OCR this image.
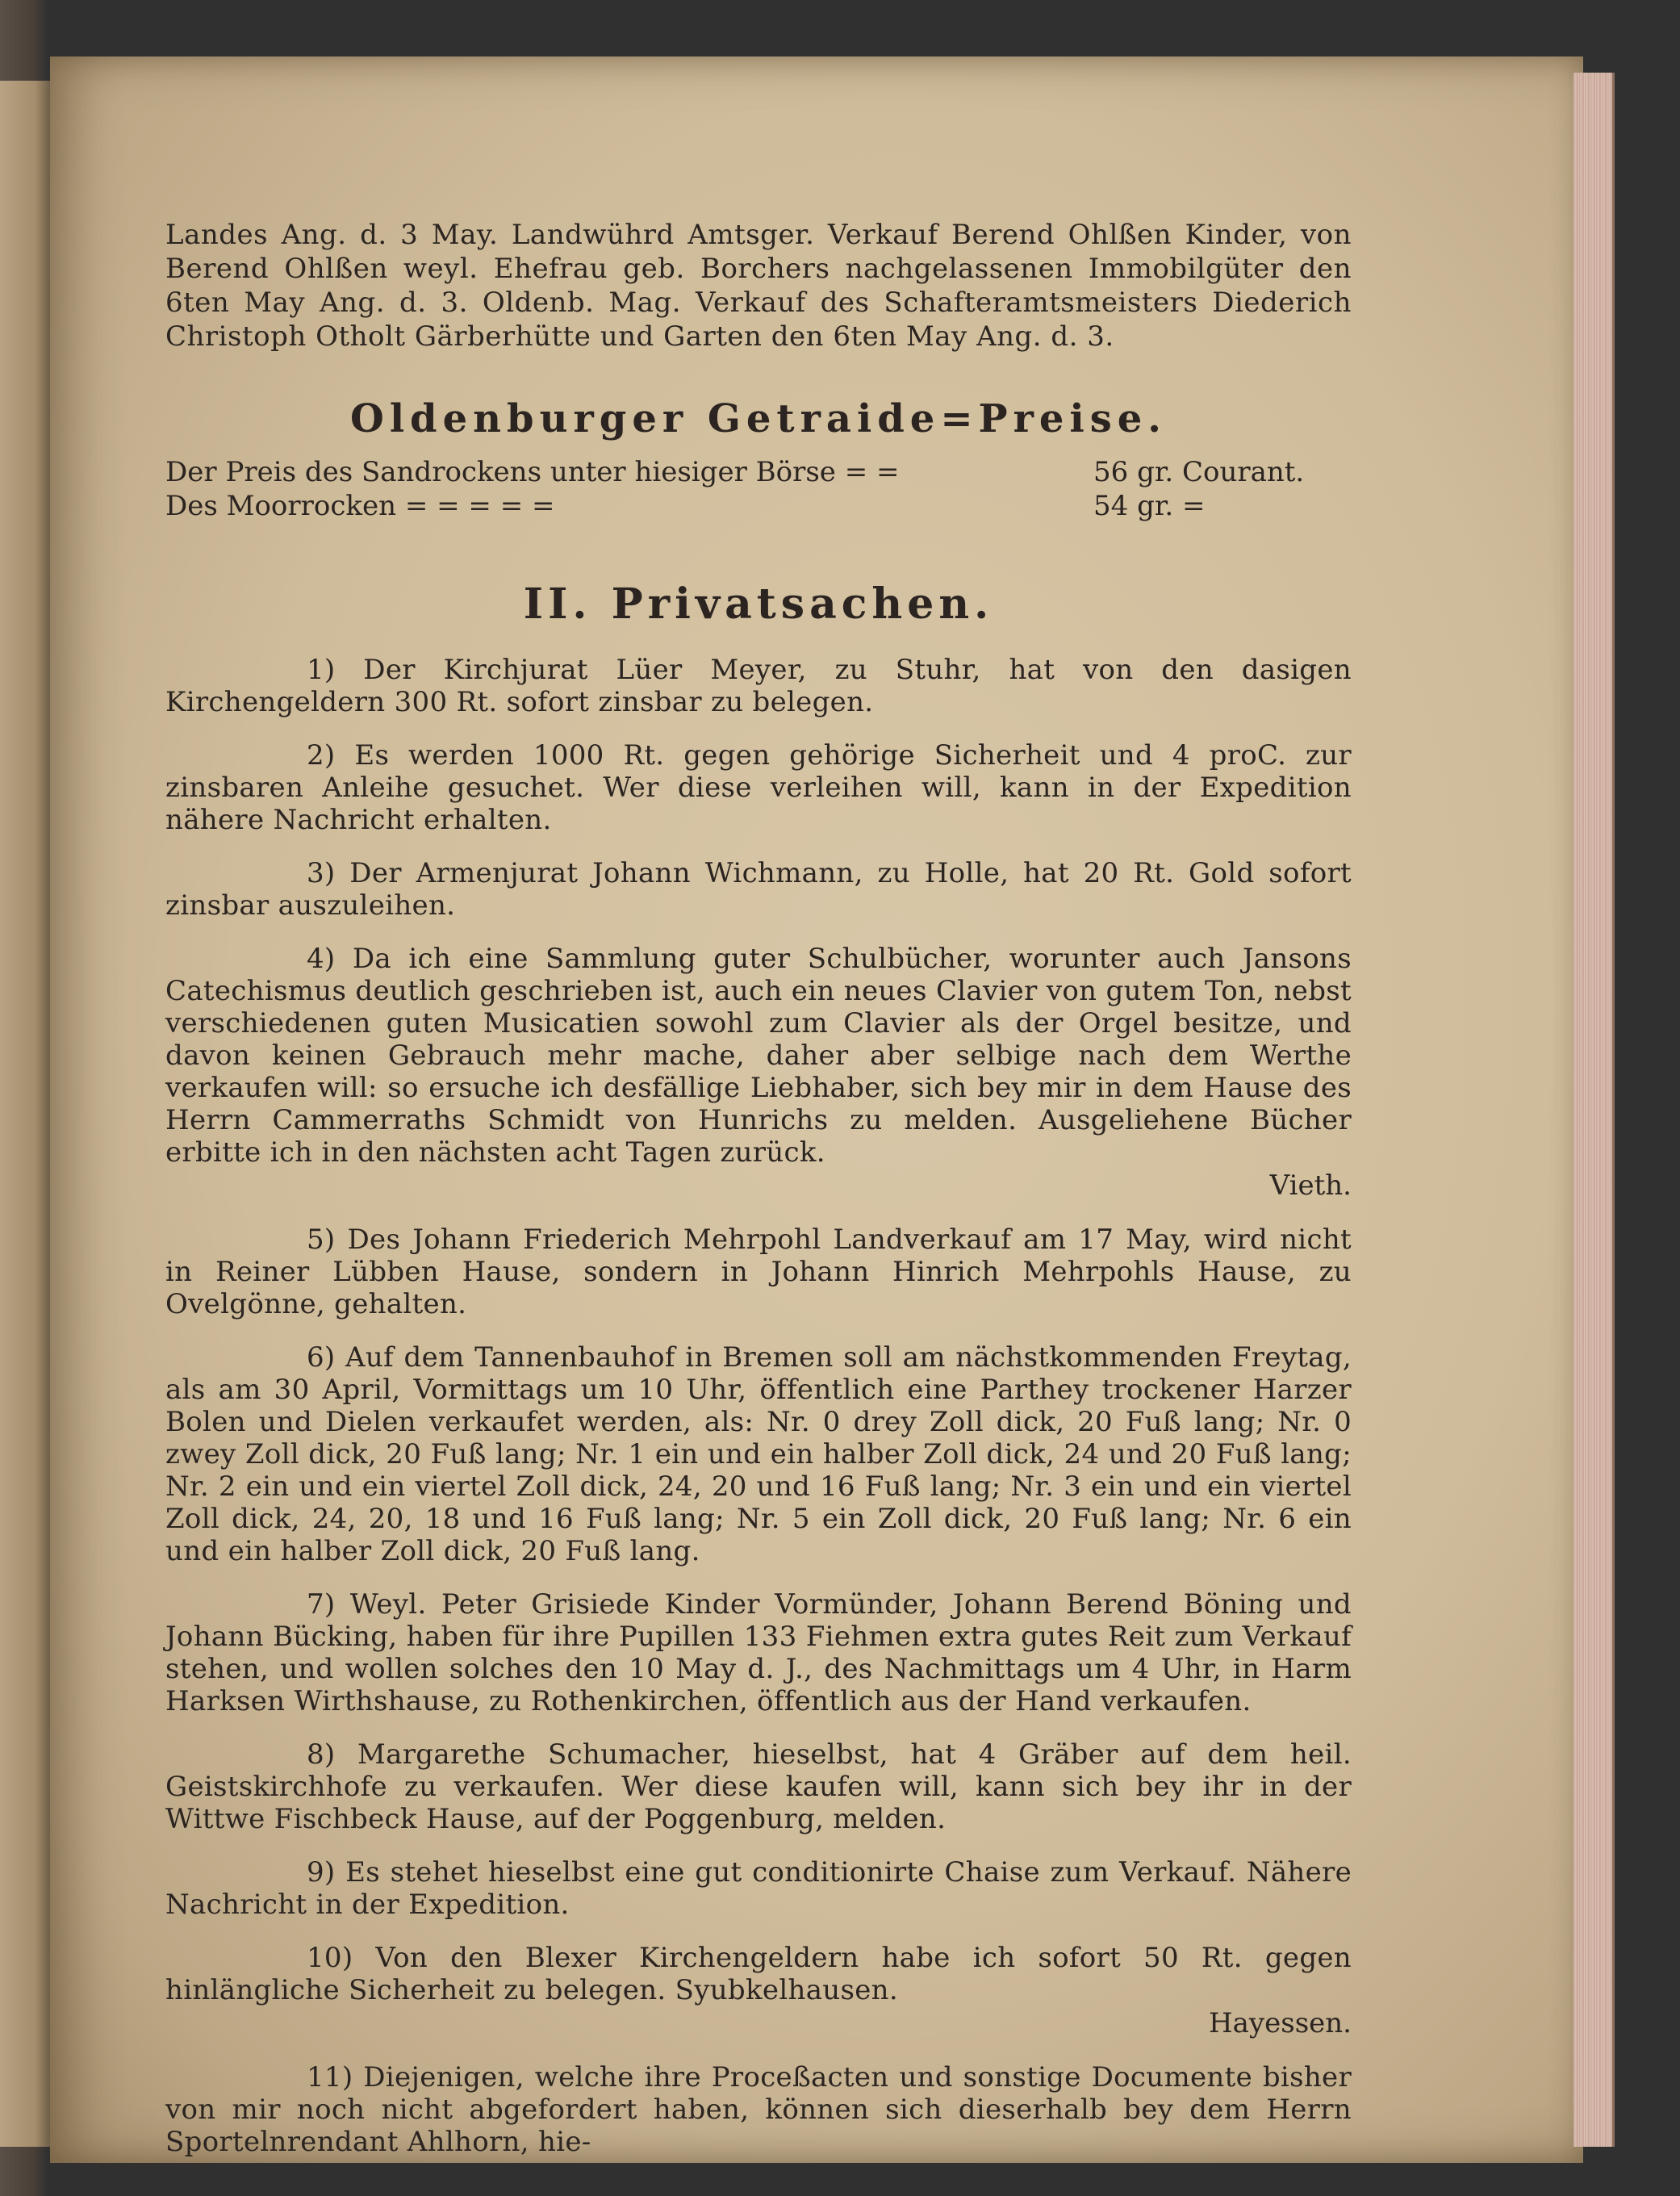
Landes Ang. d. 3 May. Landwührd Amtsger. Verkauf Berend Ohlßen Kinder, von Berend Ohlßen weyl. Ehefrau geb. Borchers nachgelassenen Immobilgüter den 6ten May Ang. d. 3. Oldenb. Mag. Verkauf des Schafteramtsmeisters Diederich Christoph Otholt Gärberhütte und Garten den 6ten May Ang. d. 3.

Oldenburger Getraide=Preise.
Der Preis des Sandrockens unter hiesiger Börse = =	56 gr. Courant.
Des Moorrocken = = = = =	54 gr. =
II. Privatsachen.

1) Der Kirchjurat Lüer Meyer, zu Stuhr, hat von den dasigen Kirchengeldern 300 Rt. sofort zinsbar zu belegen.

2) Es werden 1000 Rt. gegen gehörige Sicherheit und 4 proC. zur zinsbaren Anleihe gesuchet. Wer diese verleihen will, kann in der Expedition nähere Nachricht erhalten.

3) Der Armenjurat Johann Wichmann, zu Holle, hat 20 Rt. Gold sofort zinsbar auszuleihen.

4) Da ich eine Sammlung guter Schulbücher, worunter auch Jansons Catechismus deutlich geschrieben ist, auch ein neues Clavier von gutem Ton, nebst verschiedenen guten Musicatien sowohl zum Clavier als der Orgel besitze, und davon keinen Gebrauch mehr mache, daher aber selbige nach dem Werthe verkaufen will: so ersuche ich desfällige Liebhaber, sich bey mir in dem Hause des Herrn Cammerraths Schmidt von Hunrichs zu melden. Ausgeliehene Bücher erbitte ich in den nächsten acht Tagen zurück.

Vieth.

5) Des Johann Friederich Mehrpohl Landverkauf am 17 May, wird nicht in Reiner Lübben Hause, sondern in Johann Hinrich Mehrpohls Hause, zu Ovelgönne, gehalten.

6) Auf dem Tannenbauhof in Bremen soll am nächstkommenden Freytag, als am 30 April, Vormittags um 10 Uhr, öffentlich eine Parthey trockener Harzer Bolen und Dielen verkaufet werden, als: Nr. 0 drey Zoll dick, 20 Fuß lang; Nr. 0 zwey Zoll dick, 20 Fuß lang; Nr. 1 ein und ein halber Zoll dick, 24 und 20 Fuß lang; Nr. 2 ein und ein viertel Zoll dick, 24, 20 und 16 Fuß lang; Nr. 3 ein und ein viertel Zoll dick, 24, 20, 18 und 16 Fuß lang; Nr. 5 ein Zoll dick, 20 Fuß lang; Nr. 6 ein und ein halber Zoll dick, 20 Fuß lang.

7) Weyl. Peter Grisiede Kinder Vormünder, Johann Berend Böning und Johann Bücking, haben für ihre Pupillen 133 Fiehmen extra gutes Reit zum Verkauf stehen, und wollen solches den 10 May d. J., des Nachmittags um 4 Uhr, in Harm Harksen Wirthshause, zu Rothenkirchen, öffentlich aus der Hand verkaufen.

8) Margarethe Schumacher, hieselbst, hat 4 Gräber auf dem heil. Geistskirchhofe zu verkaufen. Wer diese kaufen will, kann sich bey ihr in der Wittwe Fischbeck Hause, auf der Poggenburg, melden.

9) Es stehet hieselbst eine gut conditionirte Chaise zum Verkauf. Nähere Nachricht in der Expedition.

10) Von den Blexer Kirchengeldern habe ich sofort 50 Rt. gegen hinlängliche Sicherheit zu belegen. Syubkelhausen.

Hayessen.

11) Diejenigen, welche ihre Proceßacten und sonstige Documente bisher von mir noch nicht abgefordert haben, können sich dieserhalb bey dem Herrn Sportelnrendant Ahlhorn, hie-
